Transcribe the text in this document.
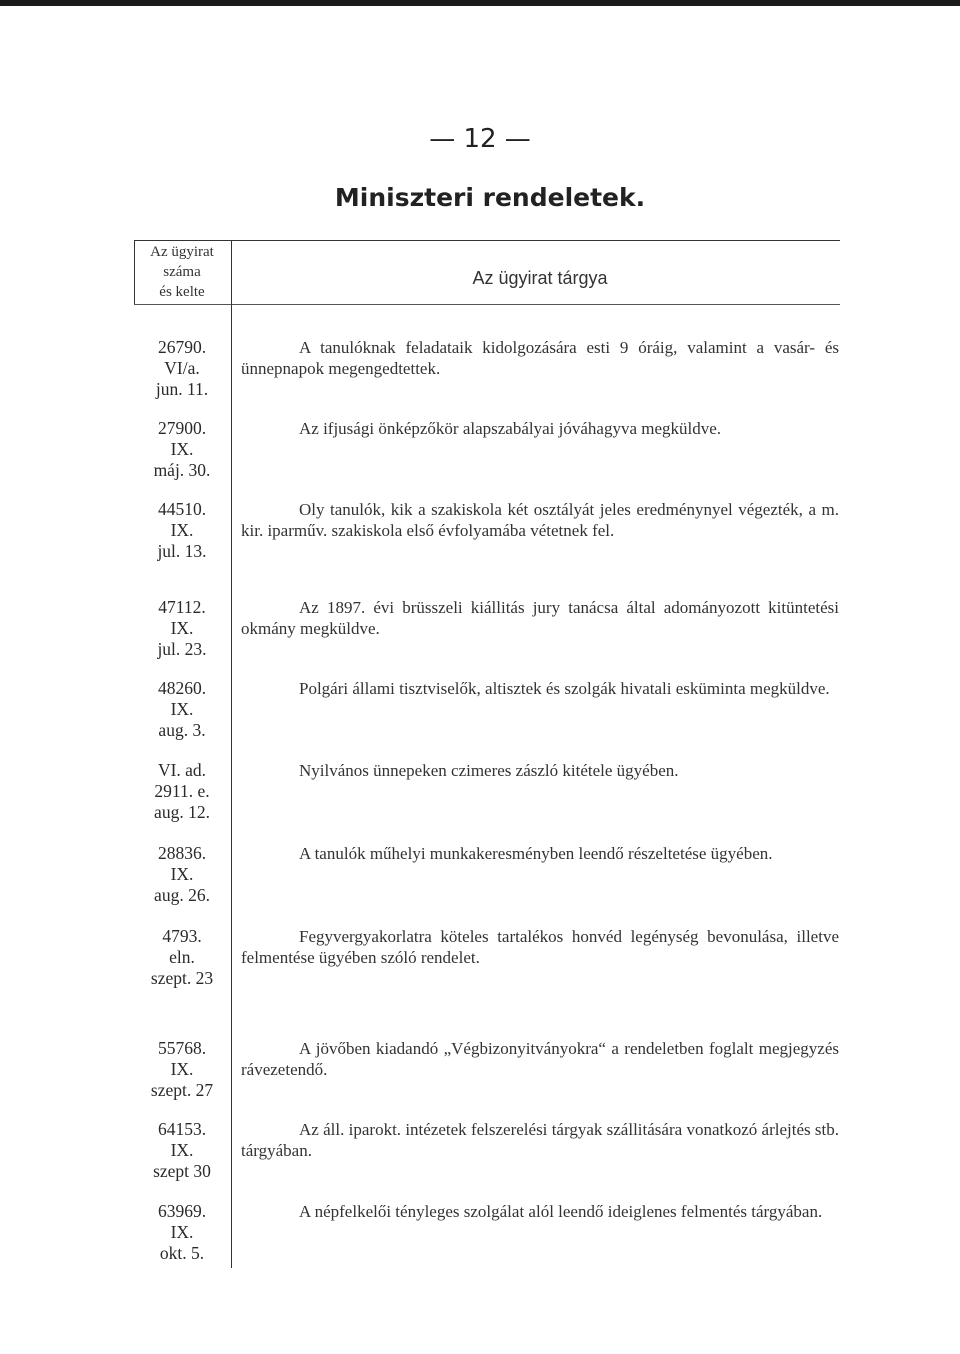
— 12 —
Miniszteri rendeletek.
Az ügyirat
száma
és kelte
Az ügyirat tárgya
26790.
VI/a.
jun. 11.
A tanulóknak feladataik kidolgozására esti 9 óráig, valamint a vasár- és ünnepnapok megengedtettek.
27900.
IX.
máj. 30.
Az ifjusági önképzőkör alapszabályai jóváhagyva megküldve.
44510.
IX.
jul. 13.
Oly tanulók, kik a szakiskola két osztályát jeles eredménynyel végezték, a m. kir. iparműv. szakiskola első évfolyamába vétetnek fel.
47112.
IX.
jul. 23.
Az 1897. évi brüsszeli kiállitás jury tanácsa által adományozott kitüntetési okmány megküldve.
48260.
IX.
aug. 3.
Polgári állami tisztviselők, altisztek és szolgák hivatali esküminta megküldve.
VI. ad.
2911. e.
aug. 12.
Nyilvános ünnepeken czimeres zászló kitétele ügyében.
28836.
IX.
aug. 26.
A tanulók műhelyi munkakeresményben leendő részeltetése ügyében.
4793.
eln.
szept. 23
Fegyvergyakorlatra köteles tartalékos honvéd legénység bevonulása, illetve felmentése ügyében szóló rendelet.
55768.
IX.
szept. 27
A jövőben kiadandó „Végbizonyitványokra“ a rendeletben foglalt megjegyzés rávezetendő.
64153.
IX.
szept 30
Az áll. iparokt. intézetek felszerelési tárgyak szállitására vonatkozó árlejtés stb. tárgyában.
63969.
IX.
okt. 5.
A népfelkelői tényleges szolgálat alól leendő ideiglenes felmentés tárgyában.
